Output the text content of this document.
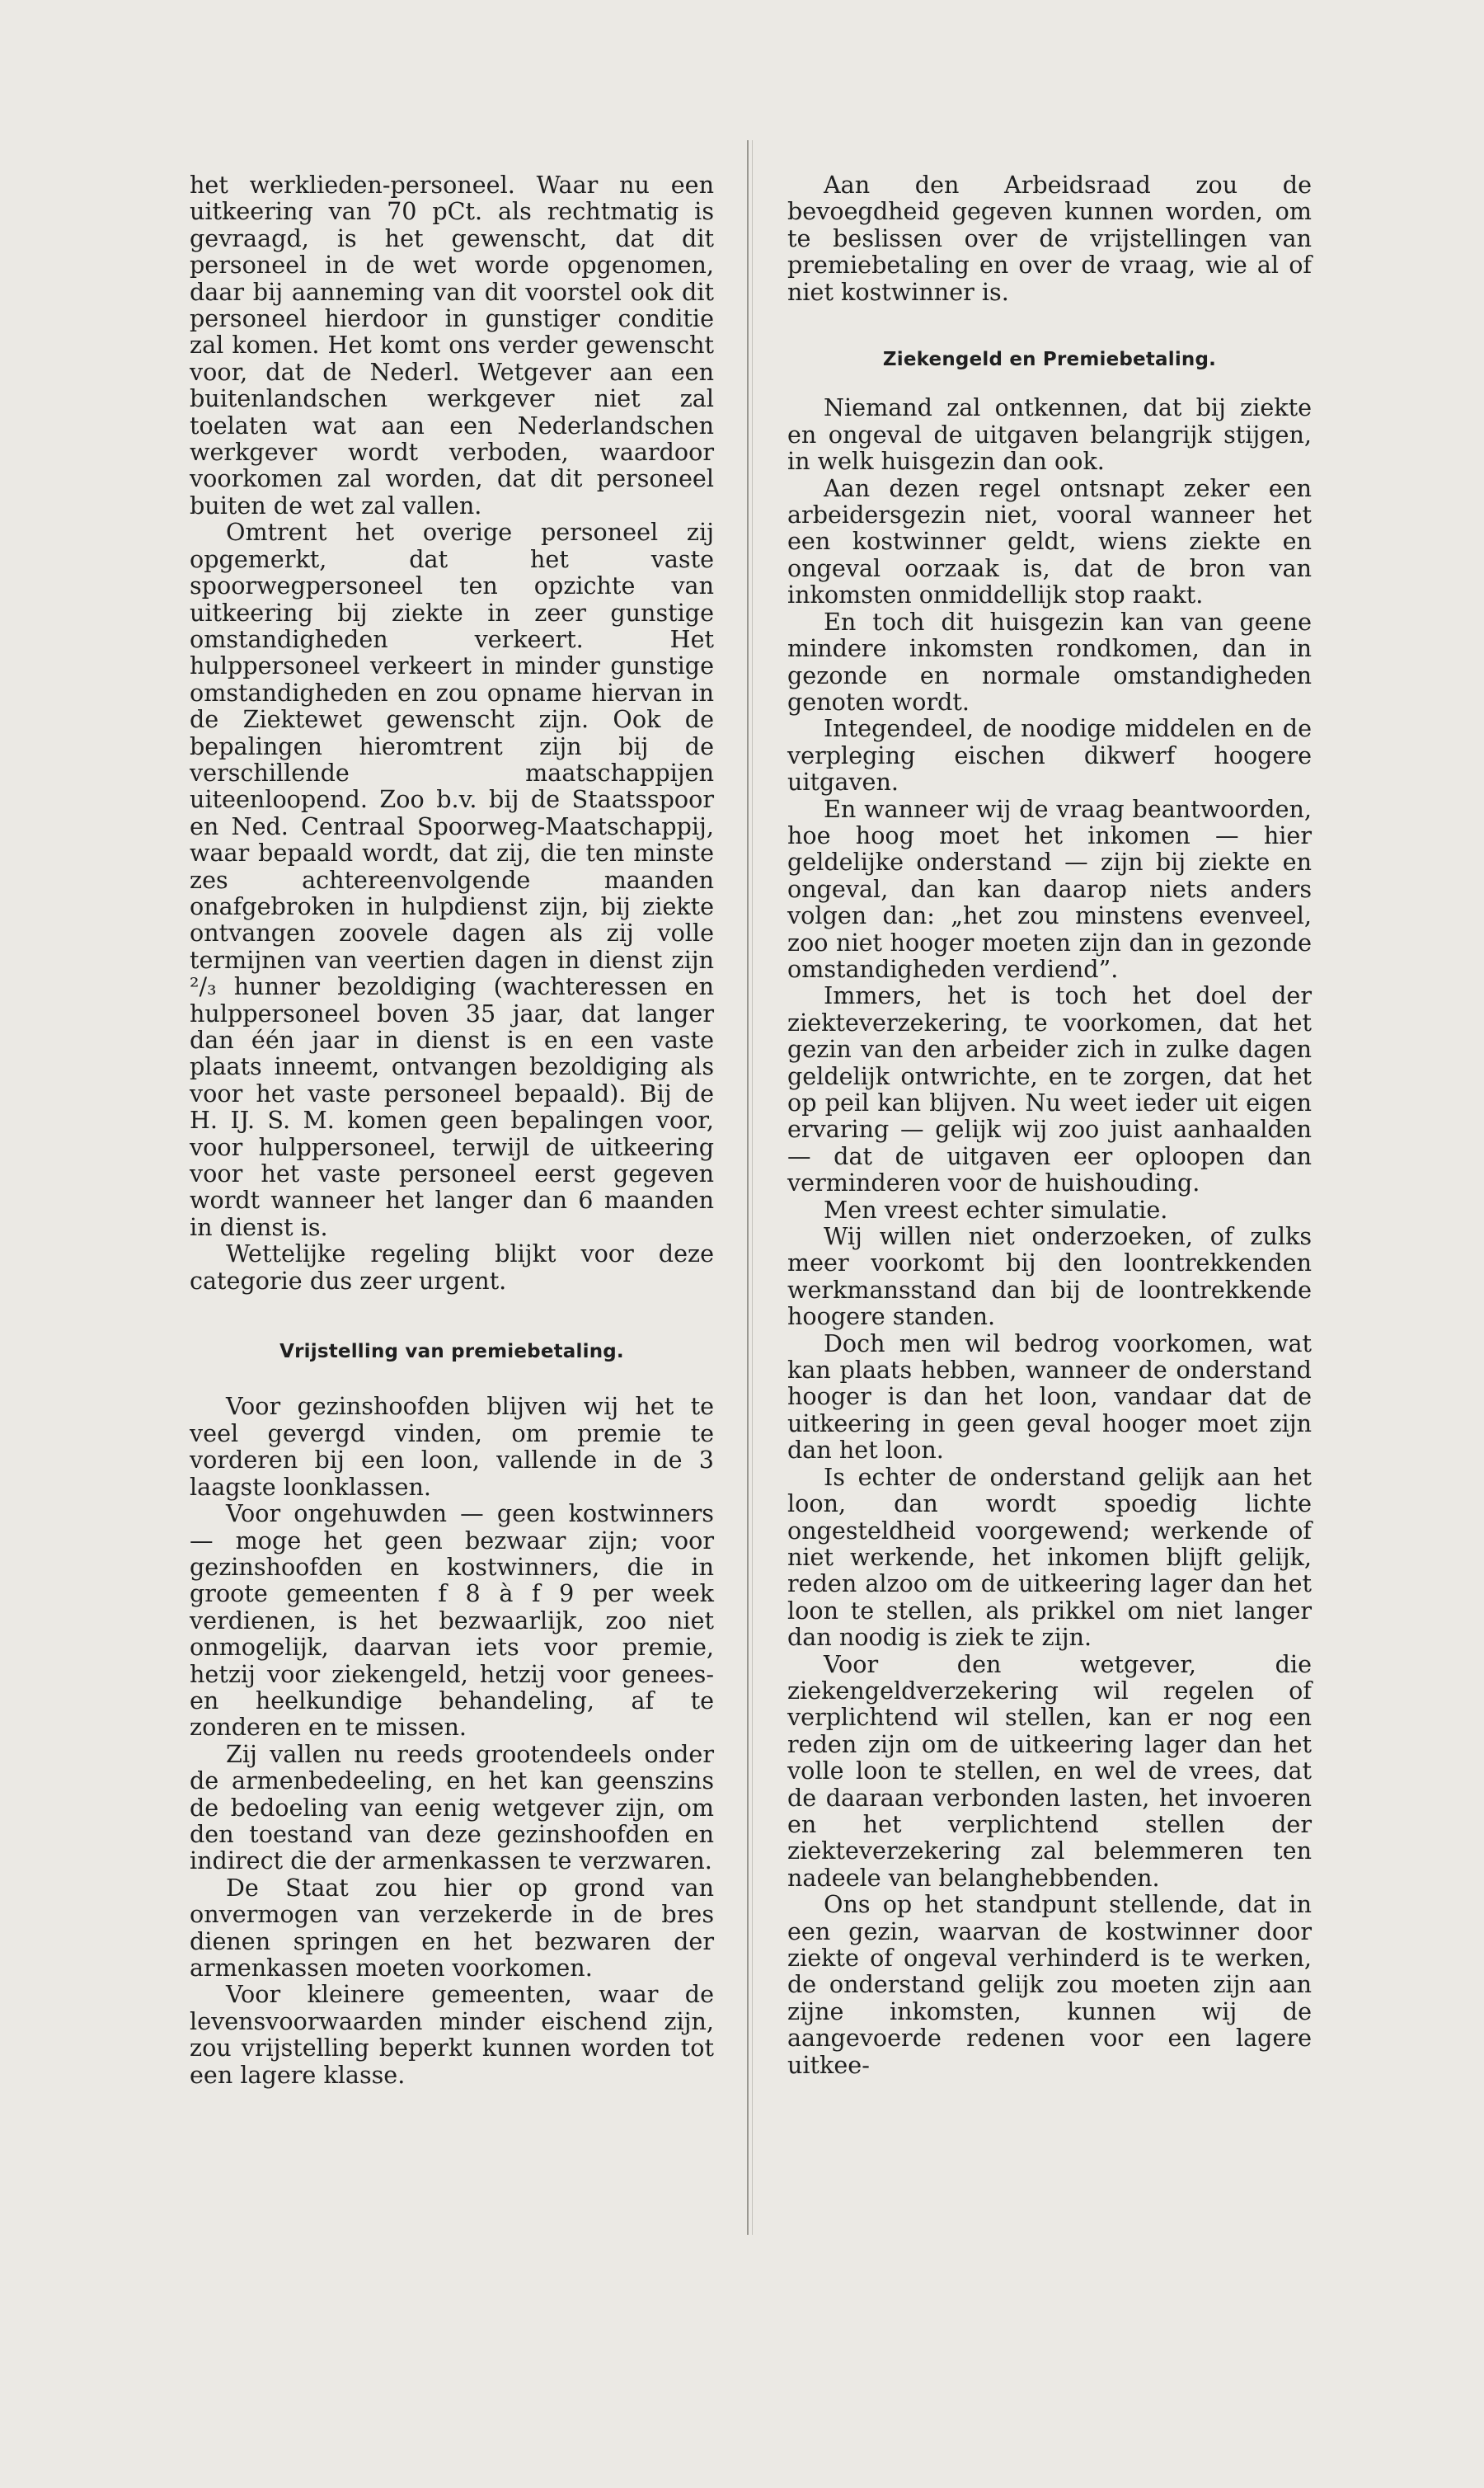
het werklieden-personeel. Waar nu een uitkeering van 70 pCt. als rechtmatig is gevraagd, is het gewenscht, dat dit personeel in de wet worde opgenomen, daar bij aanneming van dit voorstel ook dit personeel hierdoor in gunstiger conditie zal komen. Het komt ons verder gewenscht voor, dat de Nederl. Wetgever aan een buitenlandschen werkgever niet zal toelaten wat aan een Nederlandschen werkgever wordt verboden, waardoor voorkomen zal worden, dat dit personeel buiten de wet zal vallen.

Omtrent het overige personeel zij opgemerkt, dat het vaste spoorwegpersoneel ten opzichte van uitkeering bij ziekte in zeer gunstige omstandigheden verkeert. Het hulppersoneel verkeert in minder gunstige omstandigheden en zou opname hiervan in de Ziektewet gewenscht zijn. Ook de bepalingen hieromtrent zijn bij de verschillende maatschappijen uiteenloopend. Zoo b.v. bij de Staatsspoor en Ned. Centraal Spoorweg-Maatschappij, waar bepaald wordt, dat zij, die ten minste zes achtereenvolgende maanden onafgebroken in hulpdienst zijn, bij ziekte ontvangen zoovele dagen als zij volle termijnen van veertien dagen in dienst zijn ²/₃ hunner bezoldiging (wachteressen en hulppersoneel boven 35 jaar, dat langer dan één jaar in dienst is en een vaste plaats inneemt, ontvangen bezoldiging als voor het vaste personeel bepaald). Bij de H. IJ. S. M. komen geen bepalingen voor, voor hulppersoneel, terwijl de uitkeering voor het vaste personeel eerst gegeven wordt wanneer het langer dan 6 maanden in dienst is.

Wettelijke regeling blijkt voor deze categorie dus zeer urgent.

Vrijstelling van premiebetaling.

Voor gezinshoofden blijven wij het te veel gevergd vinden, om premie te vorderen bij een loon, vallende in de 3 laagste loonklassen.

Voor ongehuwden — geen kostwinners — moge het geen bezwaar zijn; voor gezinshoofden en kostwinners, die in groote gemeenten f 8 à f 9 per week verdienen, is het bezwaarlijk, zoo niet onmogelijk, daarvan iets voor premie, hetzij voor ziekengeld, hetzij voor genees- en heelkundige behandeling, af te zonderen en te missen.

Zij vallen nu reeds grootendeels onder de armenbedeeling, en het kan geenszins de bedoeling van eenig wetgever zijn, om den toestand van deze gezinshoofden en indirect die der armenkassen te verzwaren.

De Staat zou hier op grond van onvermogen van verzekerde in de bres dienen springen en het bezwaren der armenkassen moeten voorkomen.

Voor kleinere gemeenten, waar de levensvoorwaarden minder eischend zijn, zou vrijstelling beperkt kunnen worden tot een lagere klasse.

Aan den Arbeidsraad zou de bevoegdheid gegeven kunnen worden, om te beslissen over de vrijstellingen van premiebetaling en over de vraag, wie al of niet kostwinner is.

Ziekengeld en Premiebetaling.

Niemand zal ontkennen, dat bij ziekte en ongeval de uitgaven belangrijk stijgen, in welk huisgezin dan ook.

Aan dezen regel ontsnapt zeker een arbeidersgezin niet, vooral wanneer het een kostwinner geldt, wiens ziekte en ongeval oorzaak is, dat de bron van inkomsten onmiddellijk stop raakt.

En toch dit huisgezin kan van geene mindere inkomsten rondkomen, dan in gezonde en normale omstandigheden genoten wordt.

Integendeel, de noodige middelen en de verpleging eischen dikwerf hoogere uitgaven.

En wanneer wij de vraag beantwoorden, hoe hoog moet het inkomen — hier geldelijke onderstand — zijn bij ziekte en ongeval, dan kan daarop niets anders volgen dan: „het zou minstens evenveel, zoo niet hooger moeten zijn dan in gezonde omstandigheden verdiend”.

Immers, het is toch het doel der ziekteverzekering, te voorkomen, dat het gezin van den arbeider zich in zulke dagen geldelijk ontwrichte, en te zorgen, dat het op peil kan blijven. Nu weet ieder uit eigen ervaring — gelijk wij zoo juist aanhaalden — dat de uitgaven eer oploopen dan verminderen voor de huishouding.

Men vreest echter simulatie.

Wij willen niet onderzoeken, of zulks meer voorkomt bij den loontrekkenden werkmansstand dan bij de loontrekkende hoogere standen.

Doch men wil bedrog voorkomen, wat kan plaats hebben, wanneer de onderstand hooger is dan het loon, vandaar dat de uitkeering in geen geval hooger moet zijn dan het loon.

Is echter de onderstand gelijk aan het loon, dan wordt spoedig lichte ongesteldheid voorgewend; werkende of niet werkende, het inkomen blijft gelijk, reden alzoo om de uitkeering lager dan het loon te stellen, als prikkel om niet langer dan noodig is ziek te zijn.

Voor den wetgever, die ziekengeldverzekering wil regelen of verplichtend wil stellen, kan er nog een reden zijn om de uitkeering lager dan het volle loon te stellen, en wel de vrees, dat de daaraan verbonden lasten, het invoeren en het verplichtend stellen der ziekteverzekering zal belemmeren ten nadeele van belanghebbenden.

Ons op het standpunt stellende, dat in een gezin, waarvan de kostwinner door ziekte of ongeval verhinderd is te werken, de onderstand gelijk zou moeten zijn aan zijne inkomsten, kunnen wij de aangevoerde redenen voor een lagere uitkee-
